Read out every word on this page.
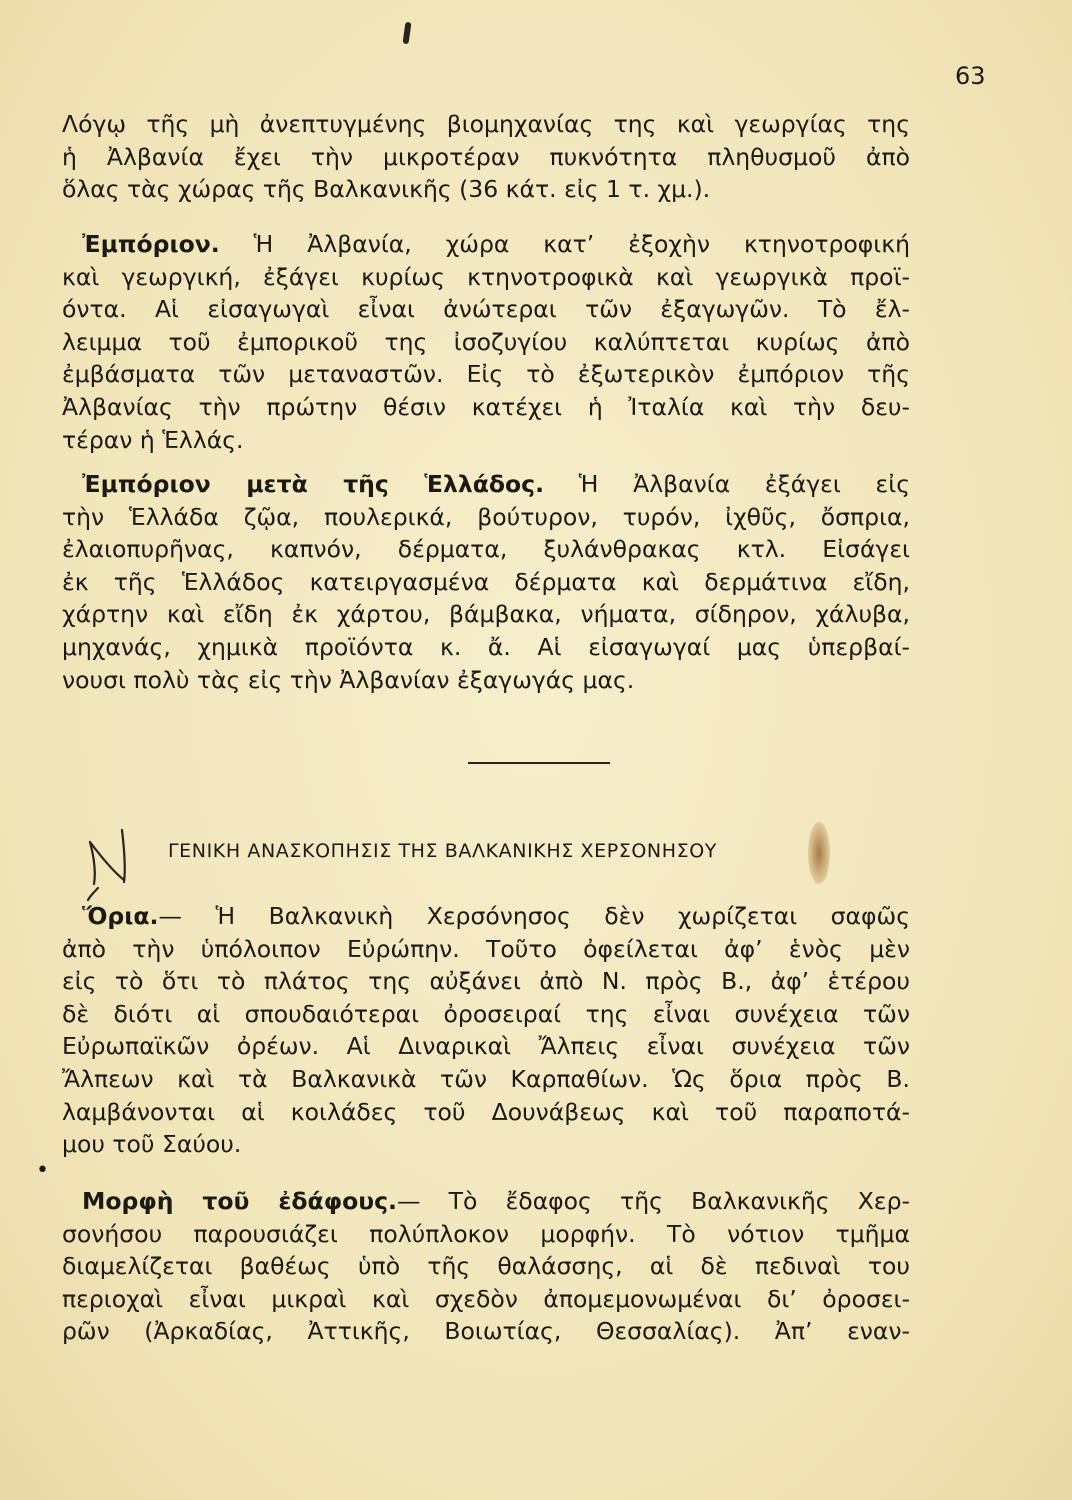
63
Λόγῳ τῆς μὴ ἀνεπτυγμένης βιομηχανίας της καὶ γεωργίας της
ἡ Ἀλβανία ἔχει τὴν μικροτέραν πυκνότητα πληθυσμοῦ ἀπὸ
ὅλας τὰς χώρας τῆς Βαλκανικῆς (36 κάτ. εἰς 1 τ. χμ.).
Ἐμπόριον. Ἡ Ἀλβανία, χώρα κατ’ ἐξοχὴν κτηνοτροφική
καὶ γεωργική, ἐξάγει κυρίως κτηνοτροφικὰ καὶ γεωργικὰ προϊ-
όντα. Αἱ εἰσαγωγαὶ εἶναι ἀνώτεραι τῶν ἐξαγωγῶν. Τὸ ἔλ-
λειμμα τοῦ ἐμπορικοῦ της ἰσοζυγίου καλύπτεται κυρίως ἀπὸ
ἐμβάσματα τῶν μεταναστῶν. Εἰς τὸ ἐξωτερικὸν ἐμπόριον τῆς
Ἀλβανίας τὴν πρώτην θέσιν κατέχει ἡ Ἰταλία καὶ τὴν δευ-
τέραν ἡ Ἑλλάς.
Ἐμπόριον μετὰ τῆς Ἑλλάδος. Ἡ Ἀλβανία ἐξάγει εἰς
τὴν Ἑλλάδα ζῷα, πουλερικά, βούτυρον, τυρόν, ἰχθῦς, ὄσπρια,
ἐλαιοπυρῆνας, καπνόν, δέρματα, ξυλάνθρακας κτλ. Εἰσάγει
ἐκ τῆς Ἑλλάδος κατειργασμένα δέρματα καὶ δερμάτινα εἴδη,
χάρτην καὶ εἴδη ἐκ χάρτου, βάμβακα, νήματα, σίδηρον, χάλυβα,
μηχανάς, χημικὰ προϊόντα κ. ἄ. Αἱ εἰσαγωγαί μας ὑπερβαί-
νουσι πολὺ τὰς εἰς τὴν Ἀλβανίαν ἐξαγωγάς μας.
ΓΕΝΙΚΗ ΑΝΑΣΚΟΠΗΣΙΣ ΤΗΣ ΒΑΛΚΑΝΙΚΗΣ ΧΕΡΣΟΝΗΣΟΥ
Ὅρια.— Ἡ Βαλκανικὴ Χερσόνησος δὲν χωρίζεται σαφῶς
ἀπὸ τὴν ὑπόλοιπον Εὐρώπην. Τοῦτο ὀφείλεται ἀφ’ ἑνὸς μὲν
εἰς τὸ ὅτι τὸ πλάτος της αὐξάνει ἀπὸ Ν. πρὸς Β., ἀφ’ ἑτέρου
δὲ διότι αἱ σπουδαιότεραι ὀροσειραί της εἶναι συνέχεια τῶν
Εὐρωπαϊκῶν ὀρέων. Αἱ Διναρικαὶ Ἄλπεις εἶναι συνέχεια τῶν
Ἄλπεων καὶ τὰ Βαλκανικὰ τῶν Καρπαθίων. Ὡς ὅρια πρὸς Β.
λαμβάνονται αἱ κοιλάδες τοῦ Δουνάβεως καὶ τοῦ παραποτά-
μου τοῦ Σαύου.
•
Μορφὴ τοῦ ἐδάφους.— Τὸ ἔδαφος τῆς Βαλκανικῆς Χερ-
σονήσου παρουσιάζει πολύπλοκον μορφήν. Τὸ νότιον τμῆμα
διαμελίζεται βαθέως ὑπὸ τῆς θαλάσσης, αἱ δὲ πεδιναὶ του
περιοχαὶ εἶναι μικραὶ καὶ σχεδὸν ἀπομεμονωμέναι δι’ ὀροσει-
ρῶν (Ἀρκαδίας, Ἀττικῆς, Βοιωτίας, Θεσσαλίας). Ἀπ’ εναν-
